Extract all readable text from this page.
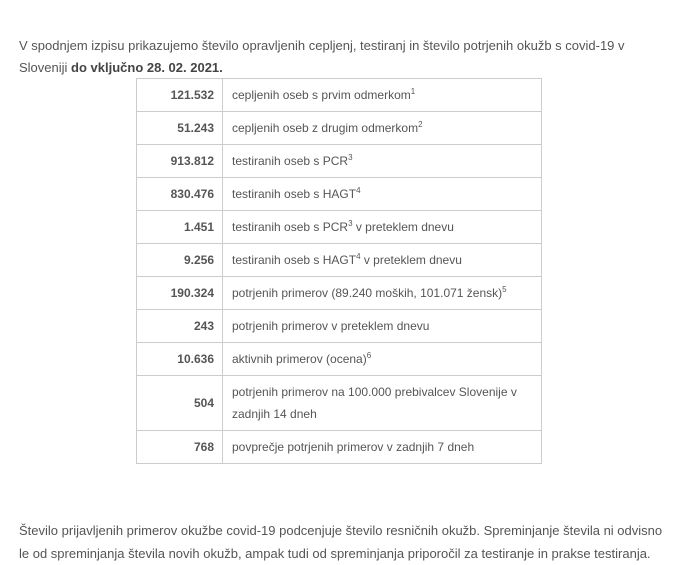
V spodnjem izpisu prikazujemo število opravljenih cepljenj, testiranj in število potrjenih okužb s covid-19 v Sloveniji do vključno 28. 02. 2021.

121.532	cepljenih oseb s prvim odmerkom$^1$
51.243	cepljenih oseb z drugim odmerkom$^2$
913.812	testiranih oseb s PCR$^3$
830.476	testiranih oseb s HAGT$^4$
1.451	testiranih oseb s PCR$^3$ v preteklem dnevu
9.256	testiranih oseb s HAGT$^4$ v preteklem dnevu
190.324	potrjenih primerov (89.240 moških, 101.071 žensk)$^5$
243	potrjenih primerov v preteklem dnevu
10.636	aktivnih primerov (ocena)$^6$
504	potrjenih primerov na 100.000 prebivalcev Slovenije v zadnjih 14 dneh
768	povprečje potrjenih primerov v zadnjih 7 dneh

Število prijavljenih primerov okužbe covid-19 podcenjuje število resničnih okužb. Spreminjanje števila ni odvisno le od spreminjanja števila novih okužb, ampak tudi od spreminjanja priporočil za testiranje in prakse testiranja.
